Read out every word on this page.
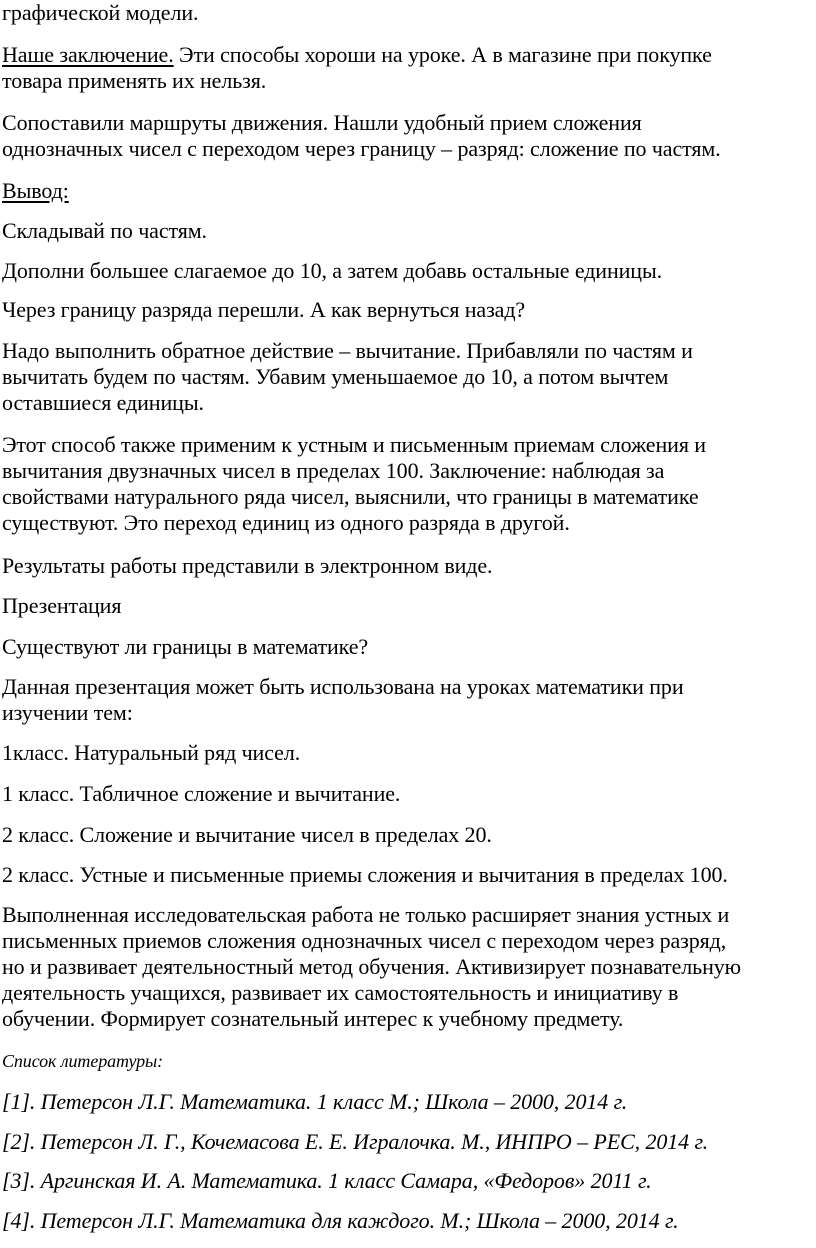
графической модели.

Наше заключение. Эти способы хороши на уроке. А в магазине при покупке
товара применять их нельзя.

Сопоставили маршруты движения. Нашли удобный прием сложения
однозначных чисел с переходом через границу – разряд: сложение по частям.

Вывод:

Складывай по частям.

Дополни большее слагаемое до 10, а затем добавь остальные единицы.

Через границу разряда перешли. А как вернуться назад?

Надо выполнить обратное действие – вычитание. Прибавляли по частям и
вычитать будем по частям. Убавим уменьшаемое до 10, а потом вычтем
оставшиеся единицы.

Этот способ также применим к устным и письменным приемам сложения и
вычитания двузначных чисел в пределах 100. Заключение: наблюдая за
свойствами натурального ряда чисел, выяснили, что границы в математике
существуют. Это переход единиц из одного разряда в другой.

Результаты работы представили в электронном виде.

Презентация

Существуют ли границы в математике?

Данная презентация может быть использована на уроках математики при
изучении тем:

1класс. Натуральный ряд чисел.

1 класс. Табличное сложение и вычитание.

2 класс. Сложение и вычитание чисел в пределах 20.

2 класс. Устные и письменные приемы сложения и вычитания в пределах 100.

Выполненная исследовательская работа не только расширяет знания устных и
письменных приемов сложения однозначных чисел с переходом через разряд,
но и развивает деятельностный метод обучения. Активизирует познавательную
деятельность учащихся, развивает их самостоятельность и инициативу в
обучении. Формирует сознательный интерес к учебному предмету.

Список литературы:

[1]. Петерсон Л.Г. Математика. 1 класс М.; Школа – 2000, 2014 г.

[2]. Петерсон Л. Г., Кочемасова Е. Е. Игралочка. М., ИНПРО – РЕС, 2014 г.

[3]. Аргинская И. А. Математика. 1 класс Самара, «Федоров» 2011 г.

[4]. Петерсон Л.Г. Математика для каждого. М.; Школа – 2000, 2014 г.
